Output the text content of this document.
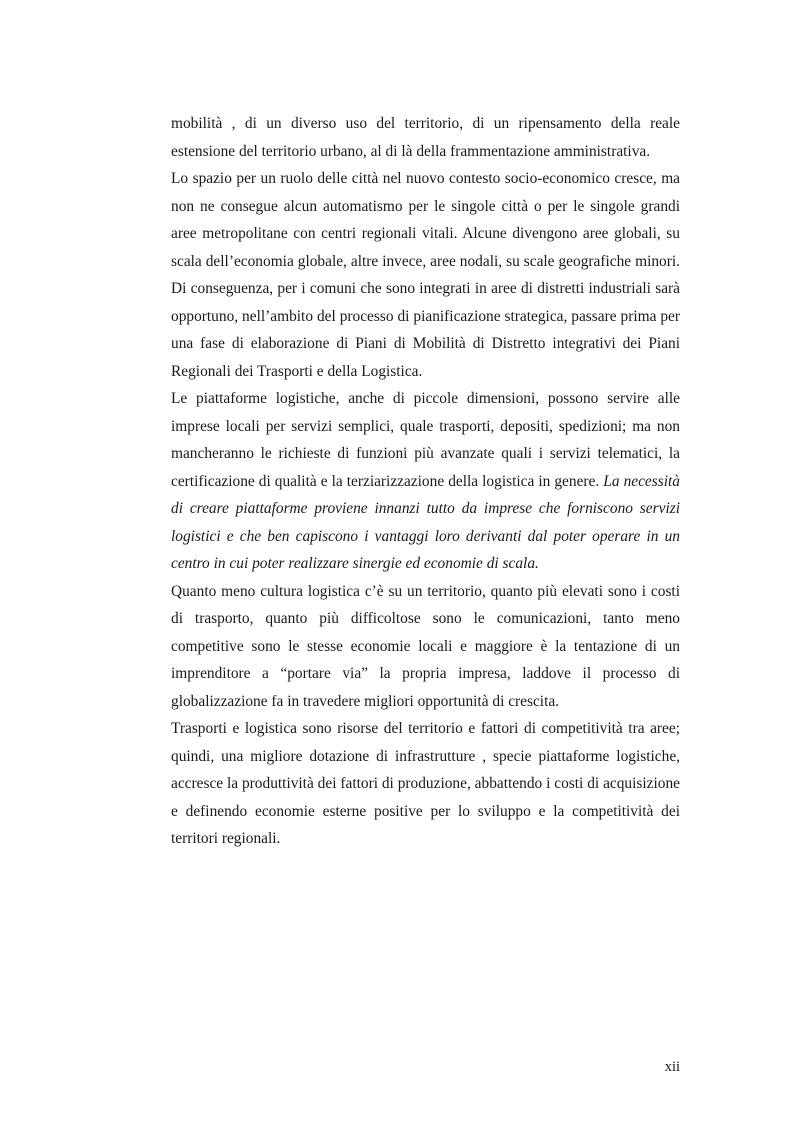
mobilità , di un diverso uso del territorio, di un ripensamento della reale estensione del territorio urbano, al di là della frammentazione amministrativa.

Lo spazio per un ruolo delle città nel nuovo contesto socio-economico cresce, ma non ne consegue alcun automatismo per le singole città o per le singole grandi aree metropolitane con centri regionali vitali. Alcune divengono aree globali, su scala dell’economia globale, altre invece, aree nodali, su scale geografiche minori. Di conseguenza, per i comuni che sono integrati in aree di distretti industriali sarà opportuno, nell’ambito del processo di pianificazione strategica, passare prima per una fase di elaborazione di Piani di Mobilità di Distretto integrativi dei Piani Regionali dei Trasporti e della Logistica.

Le piattaforme logistiche, anche di piccole dimensioni, possono servire alle imprese locali per servizi semplici, quale trasporti, depositi, spedizioni; ma non mancheranno le richieste di funzioni più avanzate quali i servizi telematici, la certificazione di qualità e la terziarizzazione della logistica in genere. La necessità di creare piattaforme proviene innanzi tutto da imprese che forniscono servizi logistici e che ben capiscono i vantaggi loro derivanti dal poter operare in un centro in cui poter realizzare sinergie ed economie di scala.

Quanto meno cultura logistica c’è su un territorio, quanto più elevati sono i costi di trasporto, quanto più difficoltose sono le comunicazioni, tanto meno competitive sono le stesse economie locali e maggiore è la tentazione di un imprenditore a “portare via” la propria impresa, laddove il processo di globalizzazione fa in travedere migliori opportunità di crescita.

Trasporti e logistica sono risorse del territorio e fattori di competitività tra aree; quindi, una migliore dotazione di infrastrutture , specie piattaforme logistiche, accresce la produttività dei fattori di produzione, abbattendo i costi di acquisizione e definendo economie esterne positive per lo sviluppo e la competitività dei territori regionali.

xii
